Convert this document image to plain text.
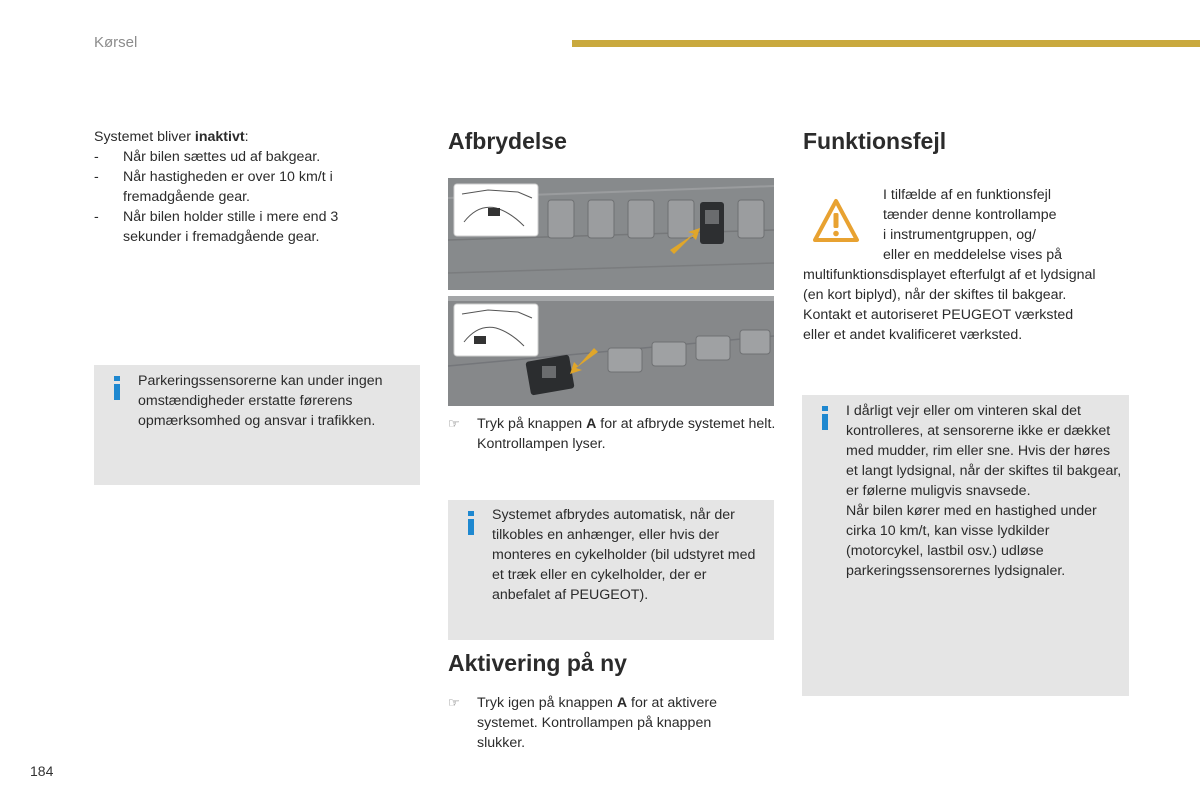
Kørsel

Systemet bliver inaktivt:

- Når bilen sættes ud af bakgear.
- Når hastigheden er over 10 km/t i fremadgående gear.
- Når bilen holder stille i mere end 3 sekunder i fremadgående gear.
Parkeringssensorerne kan under ingen omstændigheder erstatte førerens opmærksomhed og ansvar i trafikken.
Afbrydelse
☞ Tryk på knappen A for at afbryde systemet helt. Kontrollampen lyser.
Systemet afbrydes automatisk, når der tilkobles en anhænger, eller hvis der monteres en cykelholder (bil udstyret med et træk eller en cykelholder, der er anbefalet af PEUGEOT).
Aktivering på ny
☞ Tryk igen på knappen A for at aktivere systemet. Kontrollampen på knappen slukker.
Funktionsfejl
I tilfælde af en funktionsfejl
tænder denne kontrollampe
i instrumentgruppen, og/
eller en meddelelse vises på
multifunktionsdisplayet efterfulgt af et lydsignal
(en kort biplyd), når der skiftes til bakgear.
Kontakt et autoriseret PEUGEOT værksted
eller et andet kvalificeret værksted.
I dårligt vejr eller om vinteren skal det kontrolleres, at sensorerne ikke er dækket med mudder, rim eller sne. Hvis der høres et langt lydsignal, når der skiftes til bakgear, er følerne muligvis snavsede.
Når bilen kører med en hastighed under cirka 10 km/t, kan visse lydkilder (motorcykel, lastbil osv.) udløse parkeringssensorernes lydsignaler.
184
